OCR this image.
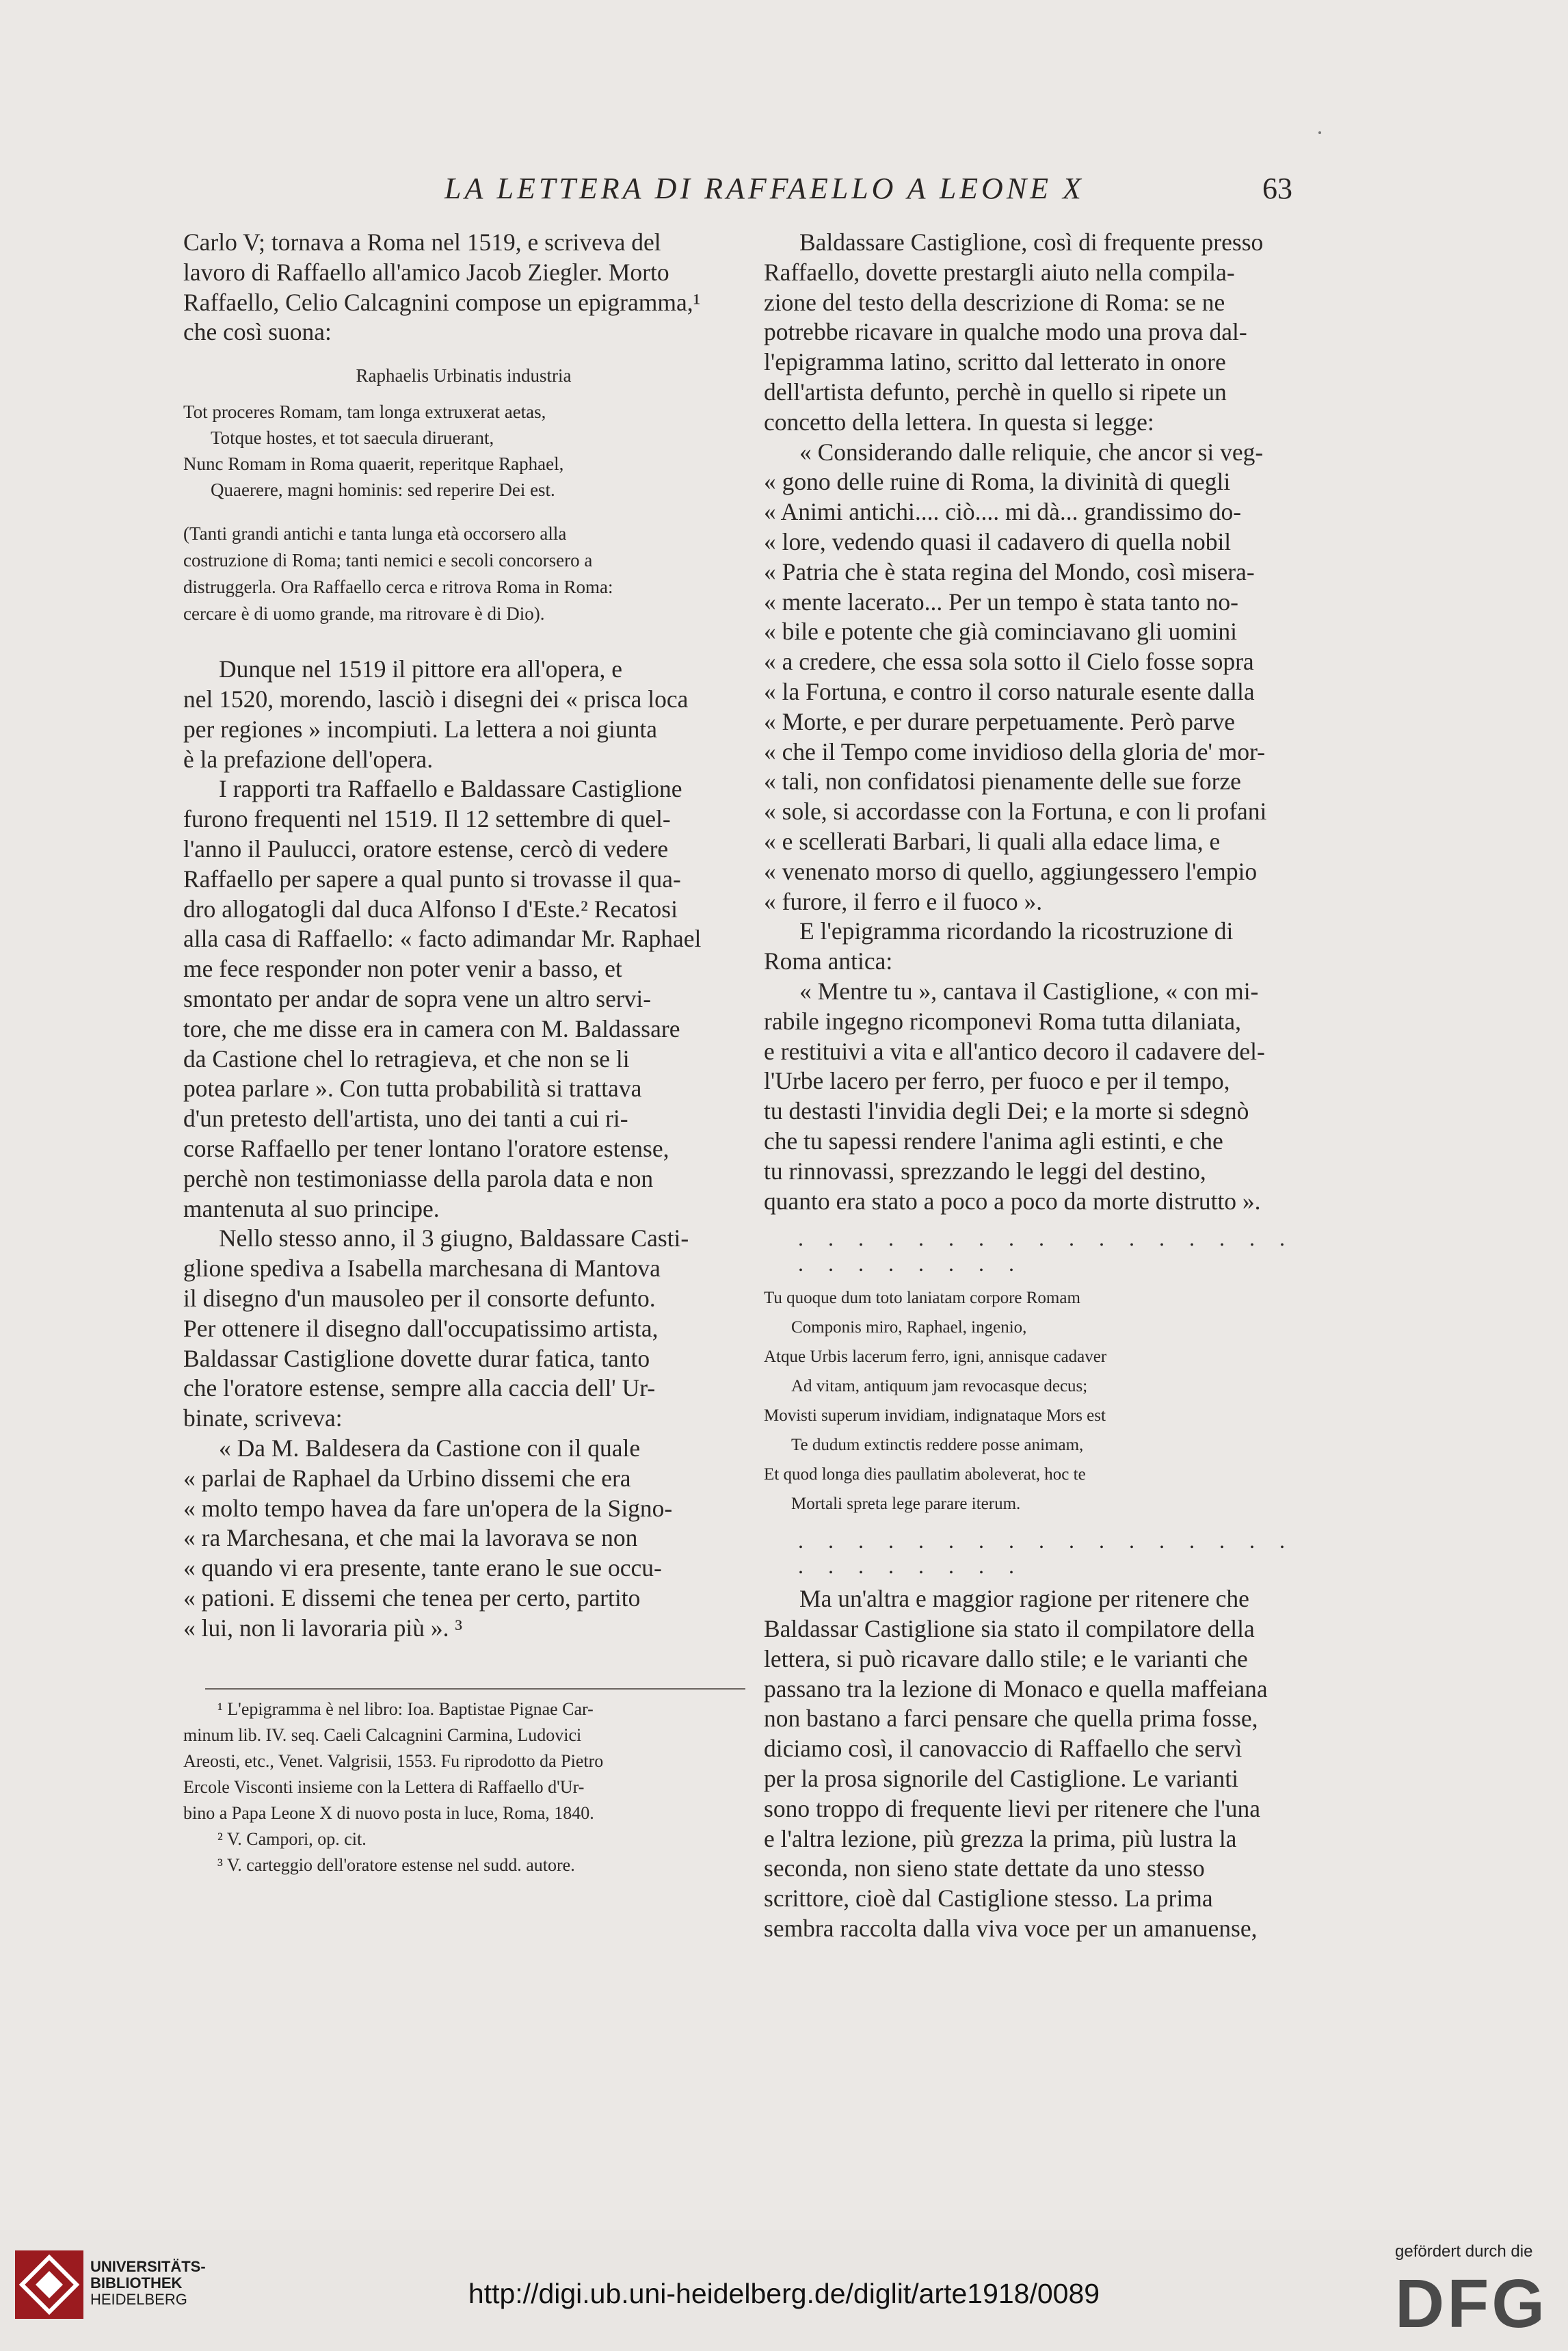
LA LETTERA DI RAFFAELLO A LEONE X	63

Carlo V; tornava a Roma nel 1519, e scriveva del
lavoro di Raffaello all'amico Jacob Ziegler. Morto
Raffaello, Celio Calcagnini compose un epigramma,¹
che così suona:

Raphaelis Urbinatis industria

Tot proceres Romam, tam longa extruxerat aetas,

Totque hostes, et tot saecula diruerant,

Nunc Romam in Roma quaerit, reperitque Raphael,

Quaerere, magni hominis: sed reperire Dei est.

(Tanti grandi antichi e tanta lunga età occorsero alla
costruzione di Roma; tanti nemici e secoli concorsero a
distruggerla. Ora Raffaello cerca e ritrova Roma in Roma:
cercare è di uomo grande, ma ritrovare è di Dio).

Dunque nel 1519 il pittore era all'opera, e
nel 1520, morendo, lasciò i disegni dei « prisca loca
per regiones » incompiuti. La lettera a noi giunta
è la prefazione dell'opera.

I rapporti tra Raffaello e Baldassare Castiglione
furono frequenti nel 1519. Il 12 settembre di quel-
l'anno il Paulucci, oratore estense, cercò di vedere
Raffaello per sapere a qual punto si trovasse il qua-
dro allogatogli dal duca Alfonso I d'Este.² Recatosi
alla casa di Raffaello: « facto adimandar Mr. Raphael
me fece responder non poter venir a basso, et
smontato per andar de sopra vene un altro servi-
tore, che me disse era in camera con M. Baldassare
da Castione chel lo retragieva, et che non se li
potea parlare ». Con tutta probabilità si trattava
d'un pretesto dell'artista, uno dei tanti a cui ri-
corse Raffaello per tener lontano l'oratore estense,
perchè non testimoniasse della parola data e non
mantenuta al suo principe.

Nello stesso anno, il 3 giugno, Baldassare Casti-
glione spediva a Isabella marchesana di Mantova
il disegno d'un mausoleo per il consorte defunto.
Per ottenere il disegno dall'occupatissimo artista,
Baldassar Castiglione dovette durar fatica, tanto
che l'oratore estense, sempre alla caccia dell' Ur-
binate, scriveva:

« Da M. Baldesera da Castione con il quale
« parlai de Raphael da Urbino dissemi che era
« molto tempo havea da fare un'opera de la Signo-
« ra Marchesana, et che mai la lavorava se non
« quando vi era presente, tante erano le sue occu-
« pationi. E dissemi che tenea per certo, partito
« lui, non li lavoraria più ». ³

¹ L'epigramma è nel libro: Ioa. Baptistae Pignae Car-
minum lib. IV. seq. Caeli Calcagnini Carmina, Ludovici
Areosti, etc., Venet. Valgrisii, 1553. Fu riprodotto da Pietro
Ercole Visconti insieme con la Lettera di Raffaello d'Ur-
bino a Papa Leone X di nuovo posta in luce, Roma, 1840.

² V. Campori, op. cit.

³ V. carteggio dell'oratore estense nel sudd. autore.

Baldassare Castiglione, così di frequente presso
Raffaello, dovette prestargli aiuto nella compila-
zione del testo della descrizione di Roma: se ne
potrebbe ricavare in qualche modo una prova dal-
l'epigramma latino, scritto dal letterato in onore
dell'artista defunto, perchè in quello si ripete un
concetto della lettera. In questa si legge:

« Considerando dalle reliquie, che ancor si veg-
« gono delle ruine di Roma, la divinità di quegli
« Animi antichi.... ciò.... mi dà... grandissimo do-
« lore, vedendo quasi il cadavero di quella nobil
« Patria che è stata regina del Mondo, così misera-
« mente lacerato... Per un tempo è stata tanto no-
« bile e potente che già cominciavano gli uomini
« a credere, che essa sola sotto il Cielo fosse sopra
« la Fortuna, e contro il corso naturale esente dalla
« Morte, e per durare perpetuamente. Però parve
« che il Tempo come invidioso della gloria de' mor-
« tali, non confidatosi pienamente delle sue forze
« sole, si accordasse con la Fortuna, e con li profani
« e scellerati Barbari, li quali alla edace lima, e
« venenato morso di quello, aggiungessero l'empio
« furore, il ferro e il fuoco ».

E l'epigramma ricordando la ricostruzione di
Roma antica:

« Mentre tu », cantava il Castiglione, « con mi-
rabile ingegno ricomponevi Roma tutta dilaniata,
e restituivi a vita e all'antico decoro il cadavere del-
l'Urbe lacero per ferro, per fuoco e per il tempo,
tu destasti l'invidia degli Dei; e la morte si sdegnò
che tu sapessi rendere l'anima agli estinti, e che
tu rinnovassi, sprezzando le leggi del destino,
quanto era stato a poco a poco da morte distrutto ».

. . . . . . . . . . . . . . . . . . . . . . . . .

Tu quoque dum toto laniatam corpore Romam

Componis miro, Raphael, ingenio,

Atque Urbis lacerum ferro, igni, annisque cadaver

Ad vitam, antiquum jam revocasque decus;

Movisti superum invidiam, indignataque Mors est

Te dudum extinctis reddere posse animam,

Et quod longa dies paullatim aboleverat, hoc te

Mortali spreta lege parare iterum.

. . . . . . . . . . . . . . . . . . . . . . . . .

Ma un'altra e maggior ragione per ritenere che
Baldassar Castiglione sia stato il compilatore della
lettera, si può ricavare dallo stile; e le varianti che
passano tra la lezione di Monaco e quella maffeiana
non bastano a farci pensare che quella prima fosse,
diciamo così, il canovaccio di Raffaello che servì
per la prosa signorile del Castiglione. Le varianti
sono troppo di frequente lievi per ritenere che l'una
e l'altra lezione, più grezza la prima, più lustra la
seconda, non sieno state dettate da uno stesso
scrittore, cioè dal Castiglione stesso. La prima
sembra raccolta dalla viva voce per un amanuense,

UNIVERSITÄTS-
BIBLIOTHEK
HEIDELBERG	http://digi.ub.uni-heidelberg.de/diglit/arte1918/0089
gefördert durch die
DFG
